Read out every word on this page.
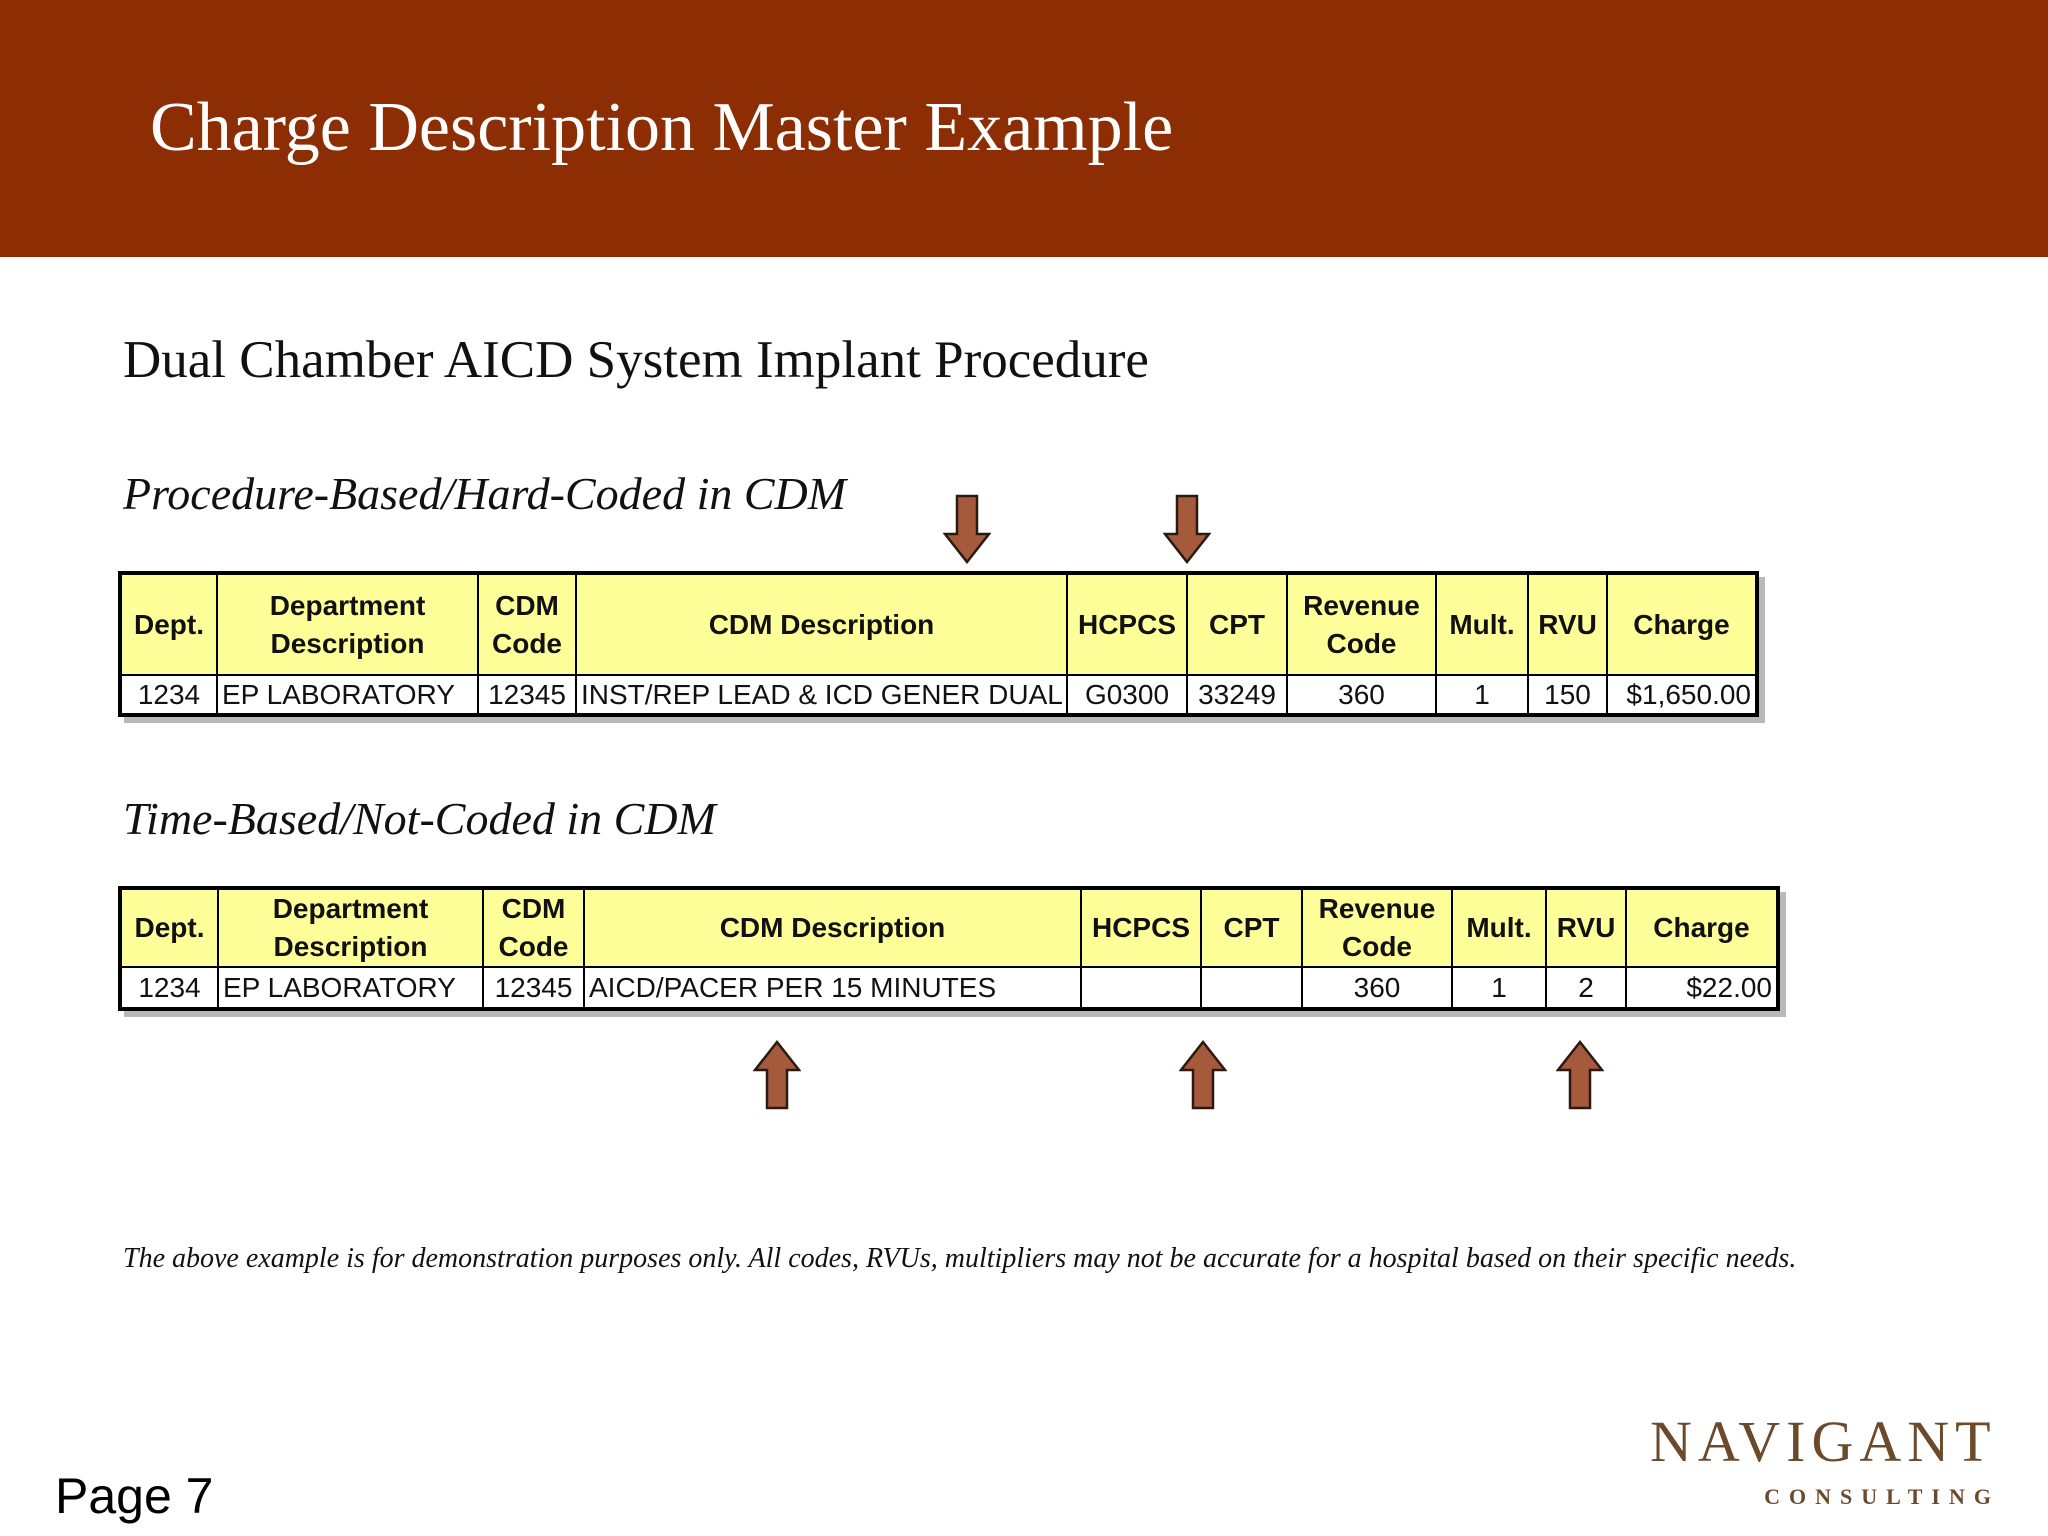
Charge Description Master Example
Dual Chamber AICD System Implant Procedure
Procedure-Based/Hard-Coded in CDM
Dept.	Department Description	CDM Code	CDM Description	HCPCS	CPT	Revenue Code	Mult.	RVU	Charge
1234	EP LABORATORY	12345	INST/REP LEAD & ICD GENER DUAL	G0300	33249	360	1	150	$1,650.00
Time-Based/Not-Coded in CDM
Dept.	Department Description	CDM Code	CDM Description	HCPCS	CPT	Revenue Code	Mult.	RVU	Charge
1234	EP LABORATORY	12345	AICD/PACER PER 15 MINUTES			360	1	2	$22.00
The above example is for demonstration purposes only. All codes, RVUs, multipliers may not be accurate for a hospital based on their specific needs.
Page 7
NAVIGANT
CONSULTING
